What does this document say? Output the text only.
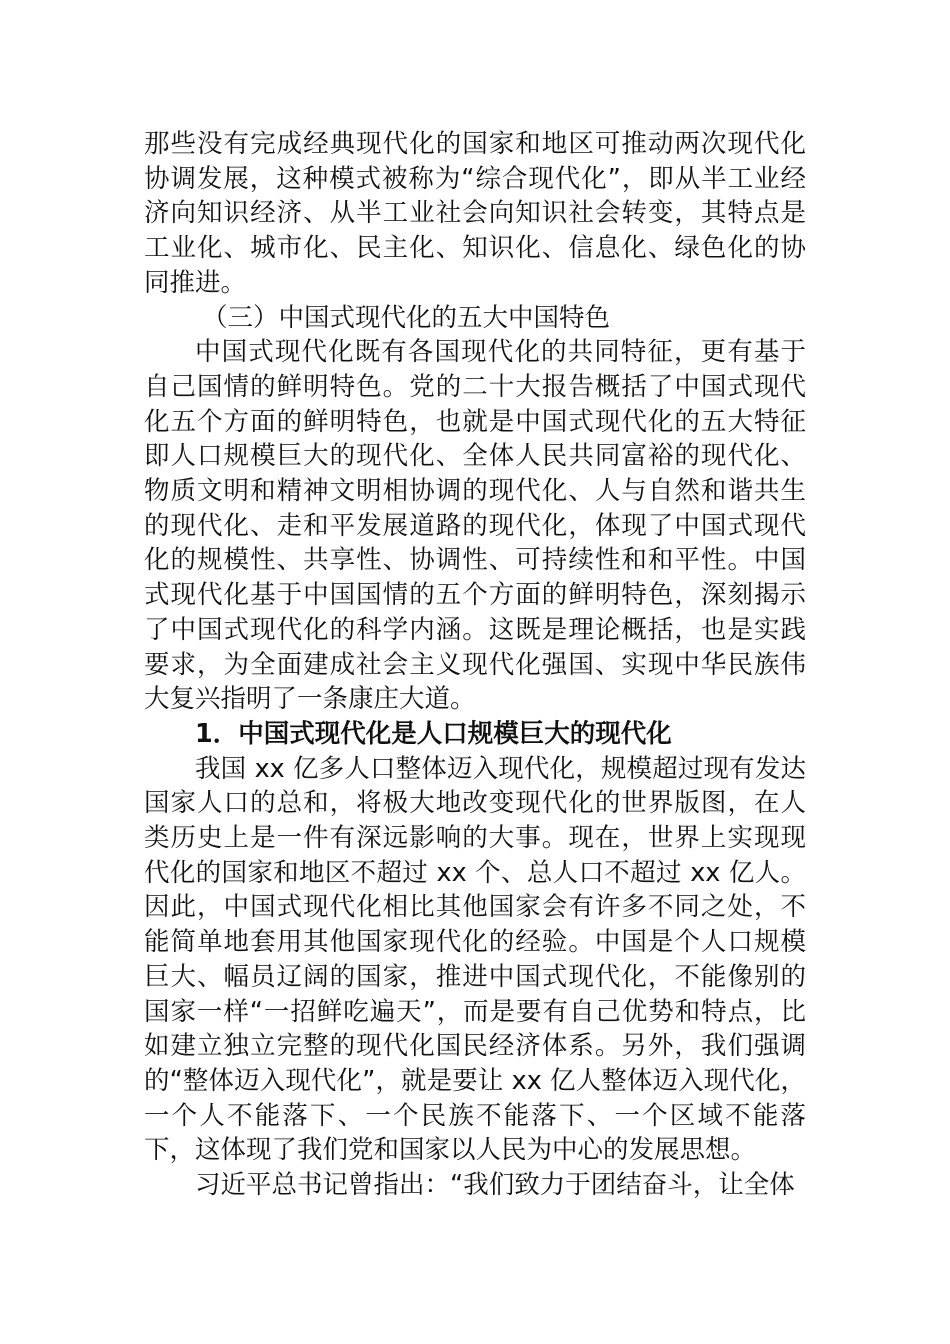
那些没有完成经典现代化的国家和地区可推动两次现代化协调发展，这种模式被称为“综合现代化”，即从半工业经济向知识经济、从半工业社会向知识社会转变，其特点是工业化、城市化、民主化、知识化、信息化、绿色化的协同推进。

（三）中国式现代化的五大中国特色

中国式现代化既有各国现代化的共同特征，更有基于自己国情的鲜明特色。党的二十大报告概括了中国式现代化五个方面的鲜明特色，也就是中国式现代化的五大特征即人口规模巨大的现代化、全体人民共同富裕的现代化、物质文明和精神文明相协调的现代化、人与自然和谐共生的现代化、走和平发展道路的现代化，体现了中国式现代化的规模性、共享性、协调性、可持续性和和平性。中国式现代化基于中国国情的五个方面的鲜明特色，深刻揭示了中国式现代化的科学内涵。这既是理论概括，也是实践要求，为全面建成社会主义现代化强国、实现中华民族伟大复兴指明了一条康庄大道。

1．中国式现代化是人口规模巨大的现代化

我国 xx 亿多人口整体迈入现代化，规模超过现有发达国家人口的总和，将极大地改变现代化的世界版图，在人类历史上是一件有深远影响的大事。现在，世界上实现现代化的国家和地区不超过 xx 个、总人口不超过 xx 亿人。因此，中国式现代化相比其他国家会有许多不同之处，不能简单地套用其他国家现代化的经验。中国是个人口规模巨大、幅员辽阔的国家，推进中国式现代化，不能像别的国家一样“一招鲜吃遍天”，而是要有自己优势和特点，比如建立独立完整的现代化国民经济体系。另外，我们强调的“整体迈入现代化”，就是要让 xx 亿人整体迈入现代化，一个人不能落下、一个民族不能落下、一个区域不能落下，这体现了我们党和国家以人民为中心的发展思想。

习近平总书记曾指出：“我们致力于团结奋斗，让全体
